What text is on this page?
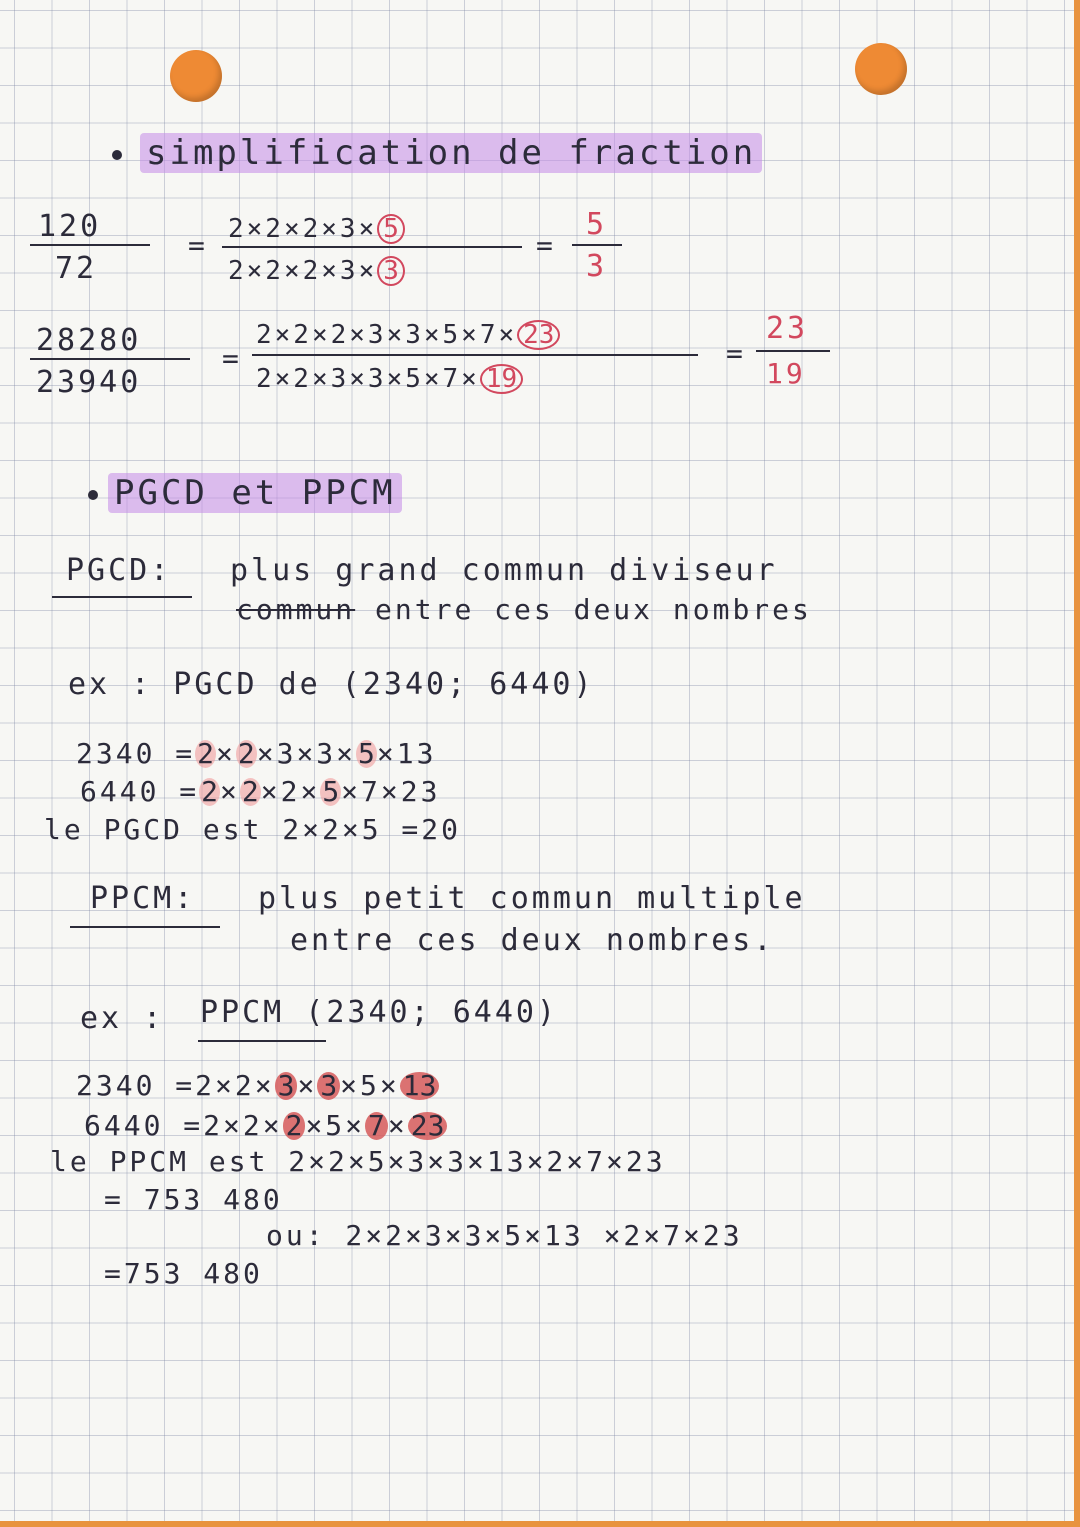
simplification de fraction
120
72
= 2×2×2×3× 5
2×2×2×3× 3
=
5
3
28280
23940
=
2×2×2×3×3×5×7× 23
2×2×3×3×5×7× 19
=
23
19
PGCD et PPCM
PGCD: plus grand commun diviseur
commun entre ces deux nombres
ex : PGCD de (2340; 6440)
2340 =2×2×3×3×5×13
6440 =2×2×2×5×7×23
le PGCD est 2×2×5 =20
PPCM: plus petit commun multiple
entre ces deux nombres.
ex : PPCM (2340; 6440)
2340 =2×2× 3 × 3 ×5× 13
6440 =2×2× 2 ×5× 7 × 23
le PPCM est 2×2×5×3×3×13×2×7×23
= 753 480
ou: 2×2×3×3×5×13 ×2×7×23
=753 480
